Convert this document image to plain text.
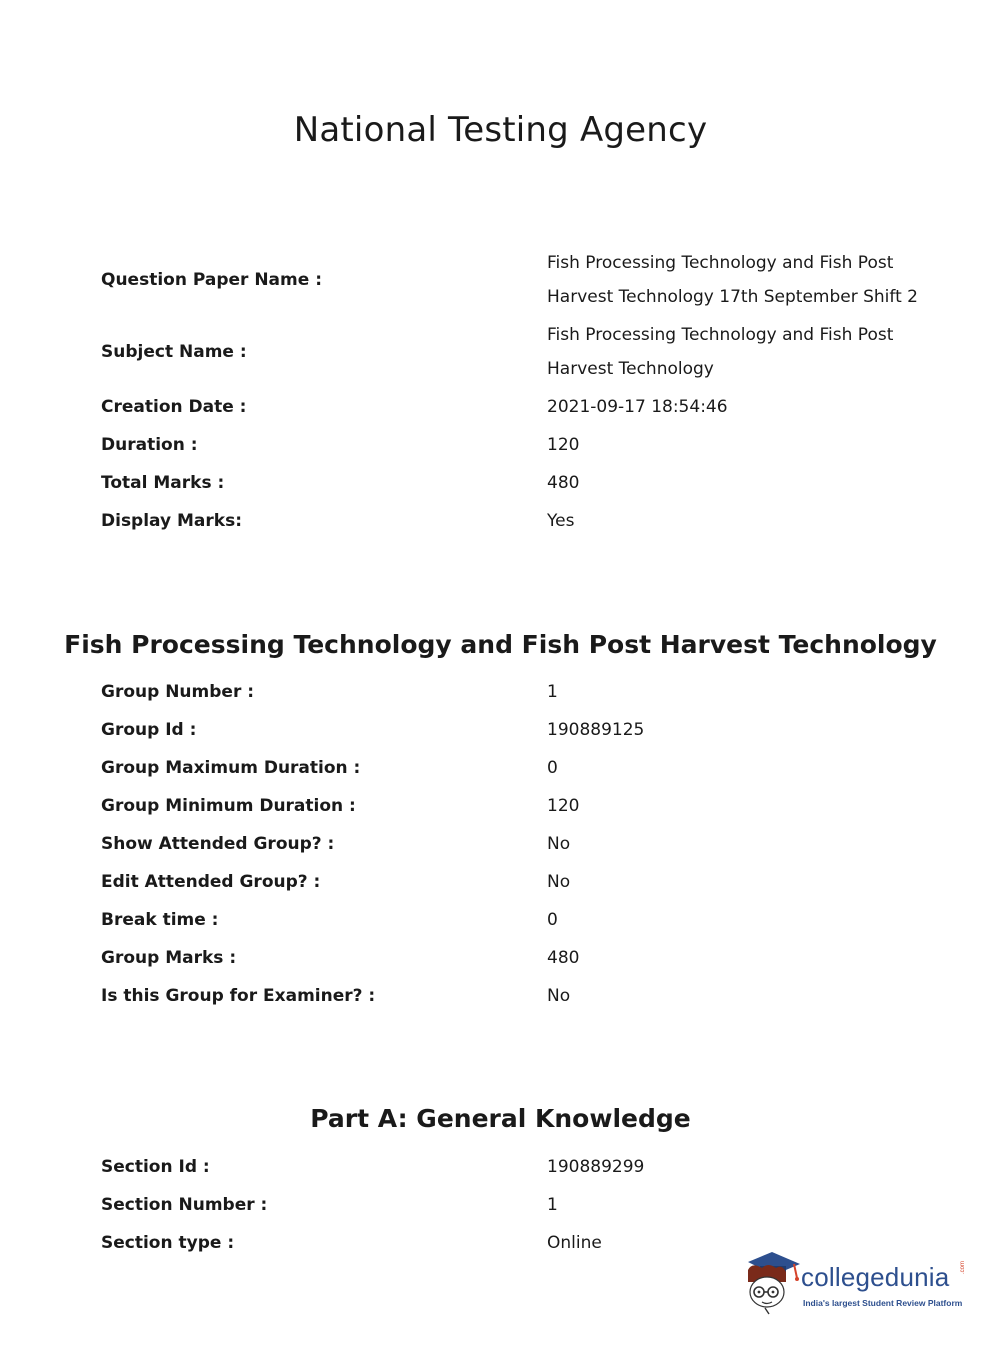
National Testing Agency
Question Paper Name :
Fish Processing Technology and Fish Post Harvest Technology 17th September Shift 2
Subject Name :
Fish Processing Technology and Fish Post Harvest Technology
Creation Date :	2021-09-17 18:54:46
Duration :	120
Total Marks :	480
Display Marks:	Yes
Fish Processing Technology and Fish Post Harvest Technology
Group Number :	1
Group Id :	190889125
Group Maximum Duration :	0
Group Minimum Duration :	120
Show Attended Group? :	No
Edit Attended Group? :	No
Break time :	0
Group Marks :	480
Is this Group for Examiner? :	No
Part A: General Knowledge
Section Id :	190889299
Section Number :	1
Section type :	Online
collegedunia .com
India's largest Student Review Platform
